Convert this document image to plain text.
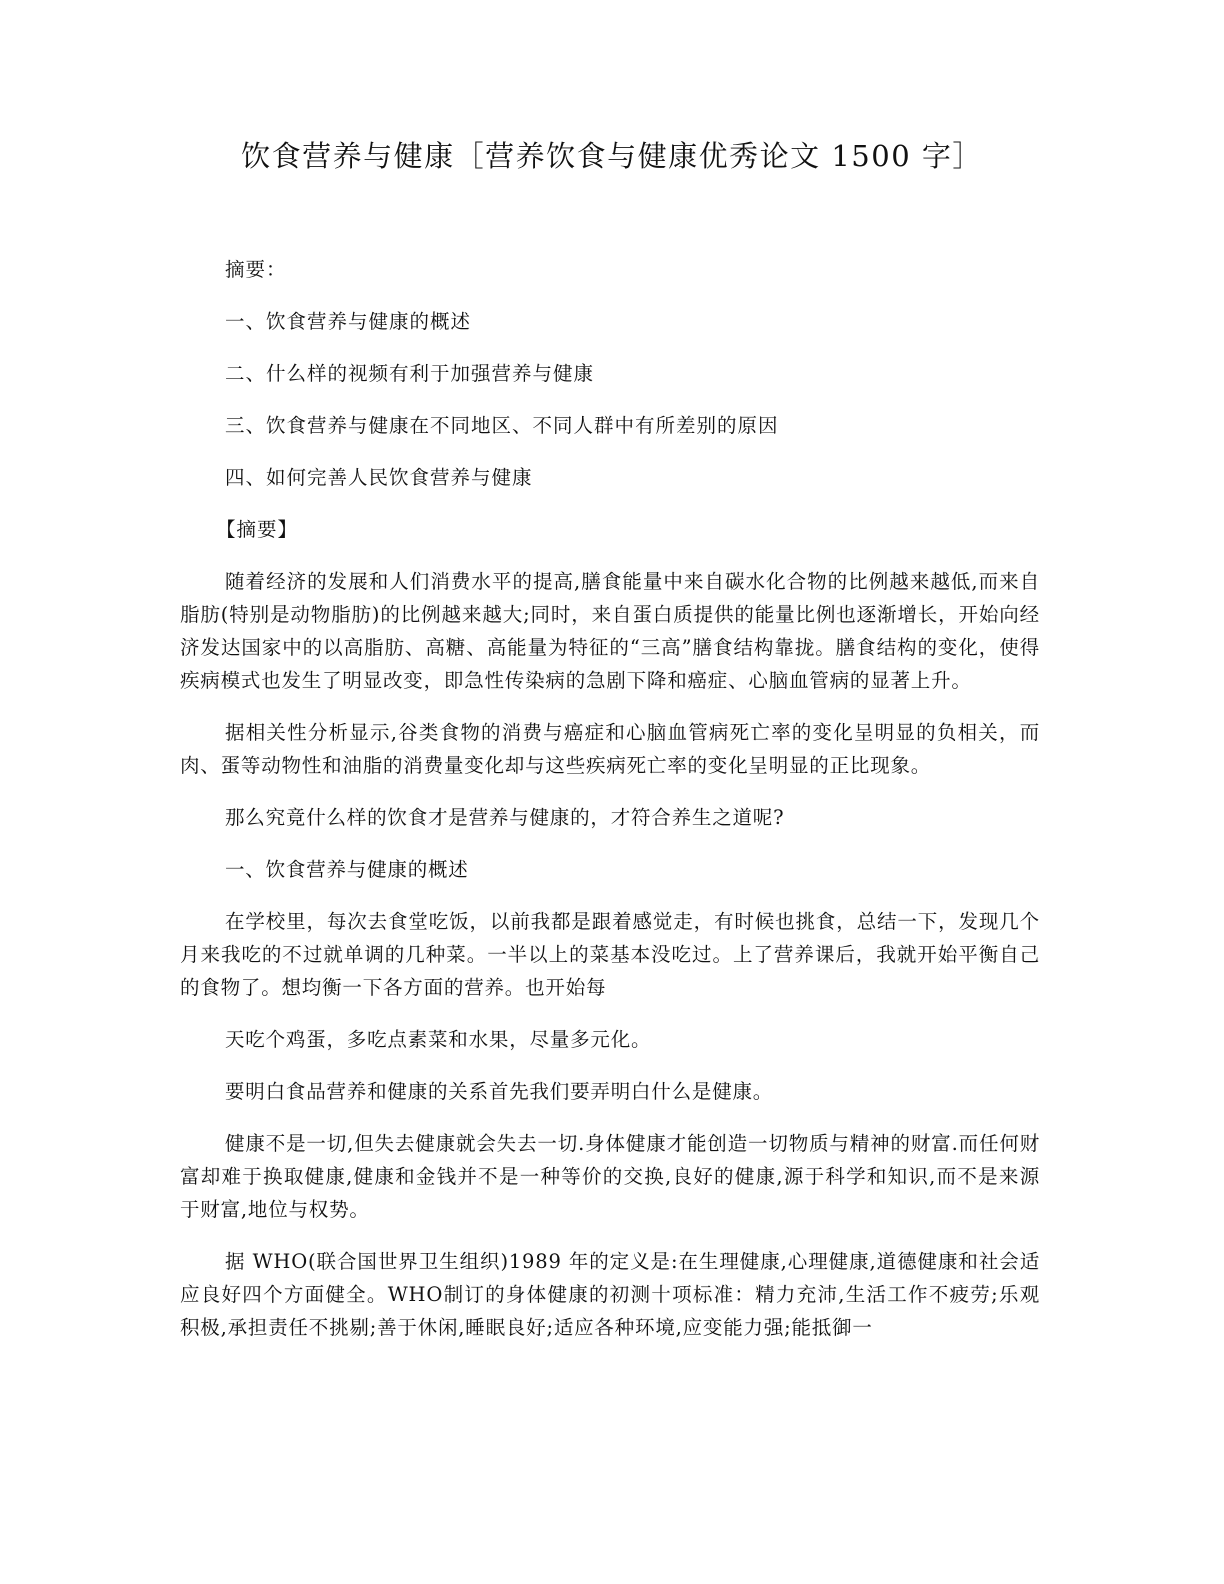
饮食营养与健康［营养饮食与健康优秀论文 1500 字］

摘要：

一、饮食营养与健康的概述

二、什么样的视频有利于加强营养与健康

三、饮食营养与健康在不同地区、不同人群中有所差别的原因

四、如何完善人民饮食营养与健康

【摘要】

随着经济的发展和人们消费水平的提高,膳食能量中来自碳水化合物的比例越来越低,而来自脂肪(特别是动物脂肪)的比例越来越大;同时，来自蛋白质提供的能量比例也逐渐增长，开始向经济发达国家中的以高脂肪、高糖、高能量为特征的“三高”膳食结构靠拢。膳食结构的变化，使得疾病模式也发生了明显改变，即急性传染病的急剧下降和癌症、心脑血管病的显著上升。

据相关性分析显示,谷类食物的消费与癌症和心脑血管病死亡率的变化呈明显的负相关，而肉、蛋等动物性和油脂的消费量变化却与这些疾病死亡率的变化呈明显的正比现象。

那么究竟什么样的饮食才是营养与健康的，才符合养生之道呢?

一、饮食营养与健康的概述

在学校里，每次去食堂吃饭，以前我都是跟着感觉走，有时候也挑食，总结一下，发现几个月来我吃的不过就单调的几种菜。一半以上的菜基本没吃过。上了营养课后，我就开始平衡自己的食物了。想均衡一下各方面的营养。也开始每

天吃个鸡蛋，多吃点素菜和水果，尽量多元化。

要明白食品营养和健康的关系首先我们要弄明白什么是健康。

健康不是一切,但失去健康就会失去一切.身体健康才能创造一切物质与精神的财富.而任何财富却难于换取健康,健康和金钱并不是一种等价的交换,良好的健康,源于科学和知识,而不是来源于财富,地位与权势。

据 WHO(联合国世界卫生组织)1989 年的定义是:在生理健康,心理健康,道德健康和社会适应良好四个方面健全。WHO制订的身体健康的初测十项标准：精力充沛,生活工作不疲劳;乐观积极,承担责任不挑剔;善于休闲,睡眠良好;适应各种环境,应变能力强;能抵御一
